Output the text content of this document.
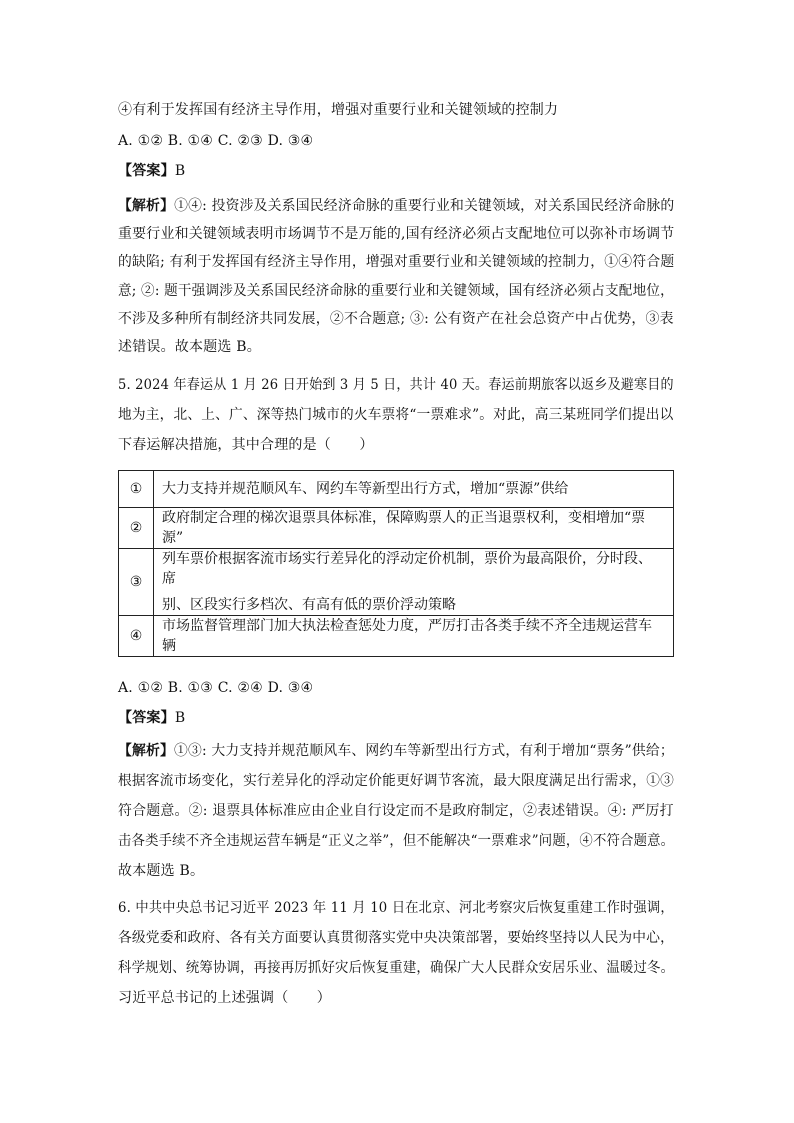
④有利于发挥国有经济主导作用，增强对重要行业和关键领域的控制力
A. ①② B. ①④ C. ②③ D. ③④
【答案】B
【解析】①④: 投资涉及关系国民经济命脉的重要行业和关键领域，对关系国民经济命脉的
重要行业和关键领域表明市场调节不是万能的,国有经济必须占支配地位可以弥补市场调节
的缺陷; 有利于发挥国有经济主导作用，增强对重要行业和关键领域的控制力，①④符合题
意; ②: 题干强调涉及关系国民经济命脉的重要行业和关键领域，国有经济必须占支配地位，
不涉及多种所有制经济共同发展，②不合题意; ③: 公有资产在社会总资产中占优势，③表
述错误。故本题选 B。
5. 2024 年春运从 1 月 26 日开始到 3 月 5 日，共计 40 天。春运前期旅客以返乡及避寒目的
地为主，北、上、广、深等热门城市的火车票将“一票难求”。对此，高三某班同学们提出以
下春运解决措施，其中合理的是（　　）
①	大力支持并规范顺风车、网约车等新型出行方式，增加“票源”供给
②	政府制定合理的梯次退票具体标准，保障购票人的正当退票权利，变相增加“票源”
③	列车票价根据客流市场实行差异化的浮动定价机制，票价为最高限价，分时段、席
别、区段实行多档次、有高有低的票价浮动策略

④	市场监督管理部门加大执法检查惩处力度，严厉打击各类手续不齐全违规运营车辆
A. ①② B. ①③ C. ②④ D. ③④
【答案】B
【解析】①③: 大力支持并规范顺风车、网约车等新型出行方式，有利于增加“票务”供给；
根据客流市场变化，实行差异化的浮动定价能更好调节客流，最大限度满足出行需求，①③
符合题意。②: 退票具体标准应由企业自行设定而不是政府制定，②表述错误。④: 严厉打
击各类手续不齐全违规运营车辆是“正义之举”，但不能解决“一票难求”问题，④不符合题意。
故本题选 B。
6. 中共中央总书记习近平 2023 年 11 月 10 日在北京、河北考察灾后恢复重建工作时强调，
各级党委和政府、各有关方面要认真贯彻落实党中央决策部署，要始终坚持以人民为中心，
科学规划、统筹协调，再接再厉抓好灾后恢复重建，确保广大人民群众安居乐业、温暖过冬。
习近平总书记的上述强调（　　）
